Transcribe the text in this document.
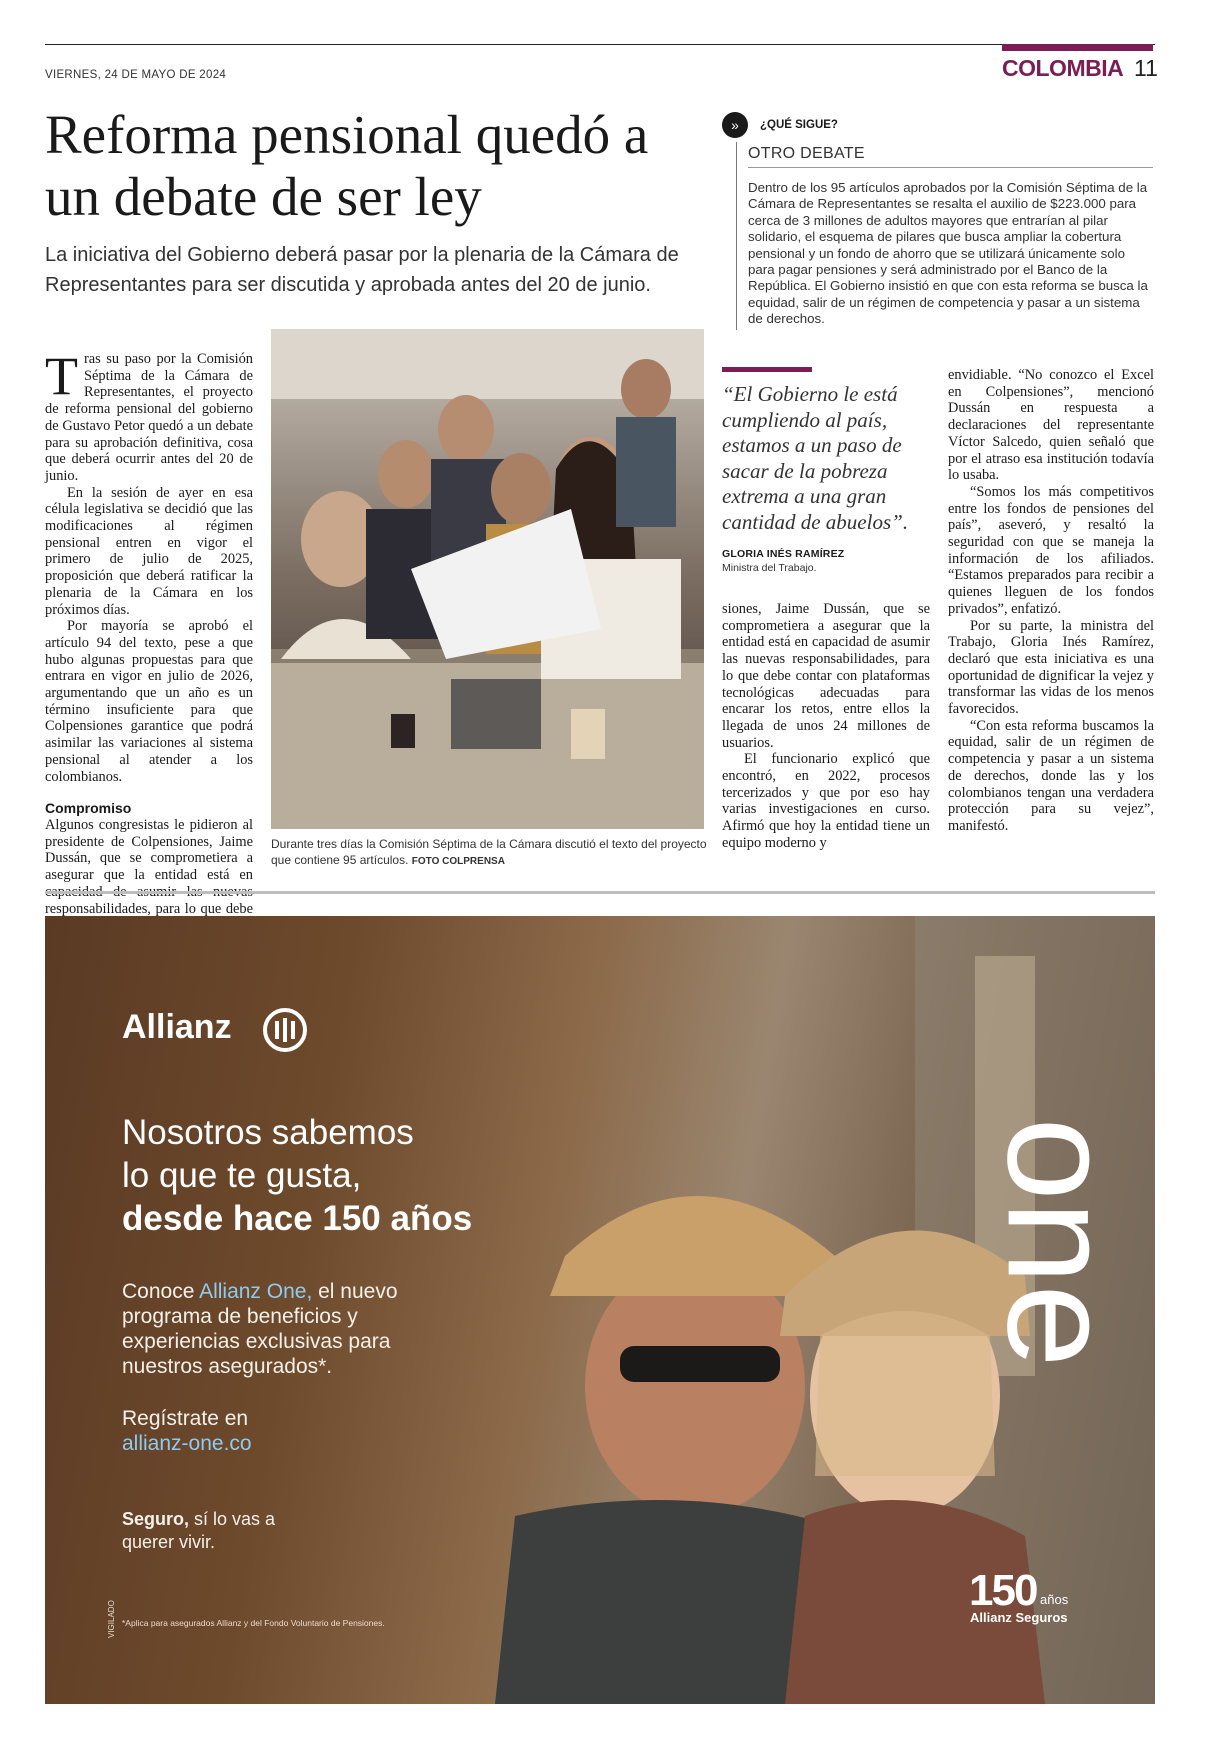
VIERNES, 24 DE MAYO DE 2024	COLOMBIA 11
Reforma pensional quedó a un debate de ser ley
La iniciativa del Gobierno deberá pasar por la plenaria de la Cámara de Representantes para ser discutida y aprobada antes del 20 de junio.
T ras su paso por la Comisión Séptima de la Cámara de Representantes, el proyecto de reforma pensional del gobierno de Gustavo Petor quedó a un debate para su aprobación definitiva, cosa que deberá ocurrir antes del 20 de junio.

En la sesión de ayer en esa célula legislativa se decidió que las modificaciones al régimen pensional entren en vigor el primero de julio de 2025, proposición que deberá ratificar la plenaria de la Cámara en los próximos días.

Por mayoría se aprobó el artículo 94 del texto, pese a que hubo algunas propuestas para que entrara en vigor en julio de 2026, argumentando que un año es un término insuficiente para que Colpensiones garantice que podrá asimilar las variaciones al sistema pensional al atender a los colombianos.

Compromiso

Algunos congresistas le pidieron al presidente de Colpensiones, Jaime Dussán, que se comprometiera a asegurar que la entidad está en responsabilidades, para lo que debe

Durante tres días la Comisión Séptima de la Cámara discutió el texto del proyecto que contiene 95 artículos. FOTO COLPRENSA
»	¿QUÉ SIGUE?
OTRO DEBATE
Dentro de los 95 artículos aprobados por la Comisión Séptima de la Cámara de Representantes se resalta el auxilio de $223.000 para cerca de 3 millones de adultos mayores que entrarían al pilar solidario, el esquema de pilares que busca ampliar la cobertura pensional y un fondo de ahorro que se utilizará únicamente solo para pagar pensiones y será administrado por el Banco de la República. El Gobierno insistió en que con esta reforma se busca la equidad, salir de un régimen de competencia y pasar a un sistema de derechos.
“El Gobierno le está cumpliendo al país, estamos a un paso de sacar de la pobreza extrema a una gran cantidad de abuelos”.
GLORIA INÉS RAMÍREZ
Ministra del Trabajo.

siones, Jaime Dussán, que se comprometiera a asegurar que la entidad está en capacidad de asumir las nuevas responsabilidades, para lo que debe contar con plataformas tecnológicas adecuadas para encarar los retos, entre ellos la llegada de unos 24 millones de usuarios.

El funcionario explicó que encontró, en 2022, procesos tercerizados y que por eso hay varias investigaciones en curso. Afirmó que hoy la entidad tiene un equipo moderno y

envidiable. “No conozco el Excel en Colpensiones”, mencionó Dussán en respuesta a declaraciones del representante Víctor Salcedo, quien señaló que por el atraso esa institución todavía lo usaba.

“Somos los más competitivos entre los fondos de pensiones del país”, aseveró, y resaltó la seguridad con que se maneja la información de los afiliados. “Estamos preparados para recibir a quienes lleguen de los fondos privados”, enfatizó.

Por su parte, la ministra del Trabajo, Gloria Inés Ramírez, declaró que esta iniciativa es una oportunidad de dignificar la vejez y transformar las vidas de los menos favorecidos.

“Con esta reforma buscamos la equidad, salir de un régimen de competencia y pasar a un sistema de derechos, donde las y los colombianos tengan una verdadera protección para su vejez”, manifestó.

Allianz
Nosotros sabemos
lo que te gusta,
desde hace 150 años
Conoce Allianz One, el nuevo programa de beneficios y experiencias exclusivas para nuestros asegurados*.
Regístrate en
allianz-one.co
Seguro, sí lo vas a querer vivir.
*Aplica para asegurados Allianz y del Fondo Voluntario de Pensiones.
VIGILADO
one
150 años
Allianz Seguros
